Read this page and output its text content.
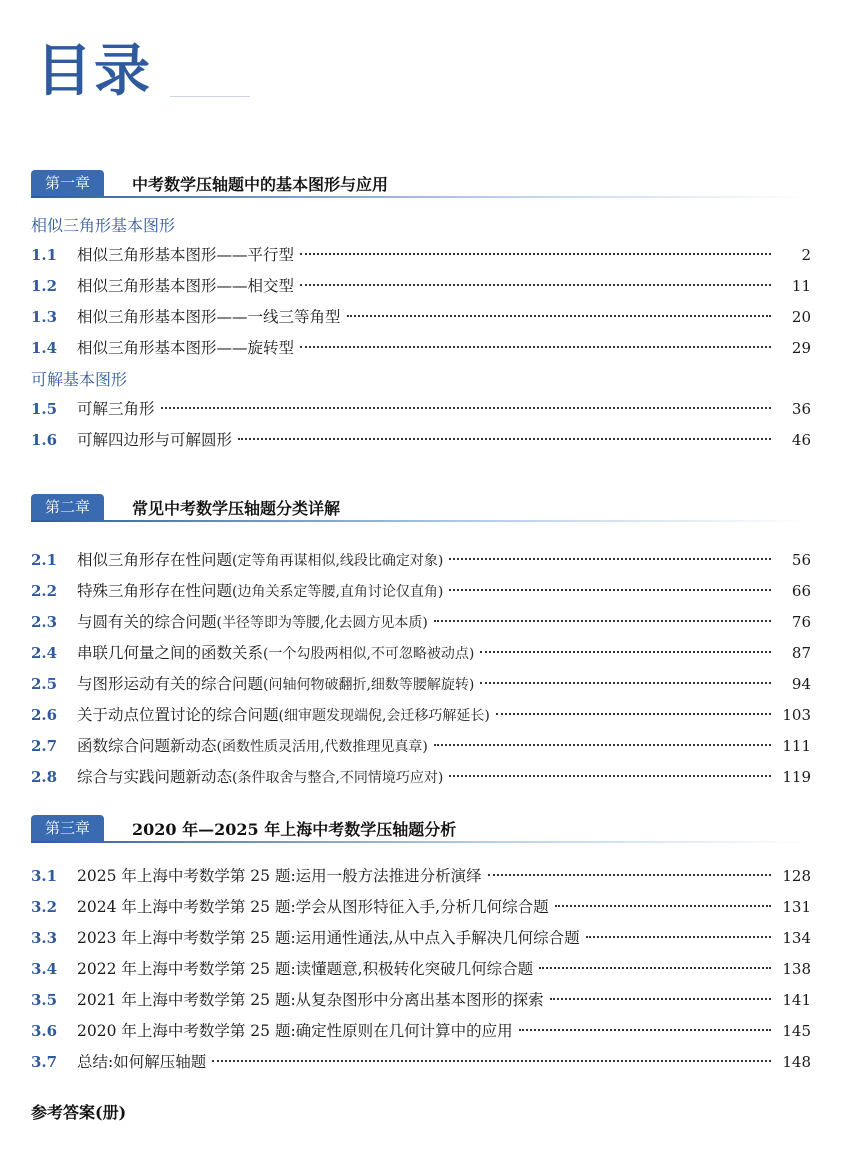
目录
第一章	中考数学压轴题中的基本图形与应用
相似三角形基本图形
1.1	相似三角形基本图形——平行型	2
1.2	相似三角形基本图形——相交型	11
1.3	相似三角形基本图形——一线三等角型	20
1.4	相似三角形基本图形——旋转型	29
可解基本图形
1.5	可解三角形	36
1.6	可解四边形与可解圆形	46
第二章	常见中考数学压轴题分类详解
2.1	相似三角形存在性问题 (定等角再谋相似,线段比确定对象)	56
2.2	特殊三角形存在性问题 (边角关系定等腰,直角讨论仅直角)	66
2.3	与圆有关的综合问题 (半径等即为等腰,化去圆方见本质)	76
2.4	串联几何量之间的函数关系 (一个勾股两相似,不可忽略被动点)	87
2.5	与图形运动有关的综合问题 (问轴何物破翻折,细数等腰解旋转)	94
2.6	关于动点位置讨论的综合问题 (细审题发现端倪,会迁移巧解延长)	103
2.7	函数综合问题新动态 (函数性质灵活用,代数推理见真章)	111
2.8	综合与实践问题新动态 (条件取舍与整合,不同情境巧应对)	119
第三章	2020 年—2025 年上海中考数学压轴题分析
3.1	2025 年上海中考数学第 25 题:运用一般方法推进分析演绎	128
3.2	2024 年上海中考数学第 25 题:学会从图形特征入手,分析几何综合题	131
3.3	2023 年上海中考数学第 25 题:运用通性通法,从中点入手解决几何综合题	134
3.4	2022 年上海中考数学第 25 题:读懂题意,积极转化突破几何综合题	138
3.5	2021 年上海中考数学第 25 题:从复杂图形中分离出基本图形的探索	141
3.6	2020 年上海中考数学第 25 题:确定性原则在几何计算中的应用	145
3.7	总结:如何解压轴题	148
参考答案(册)
